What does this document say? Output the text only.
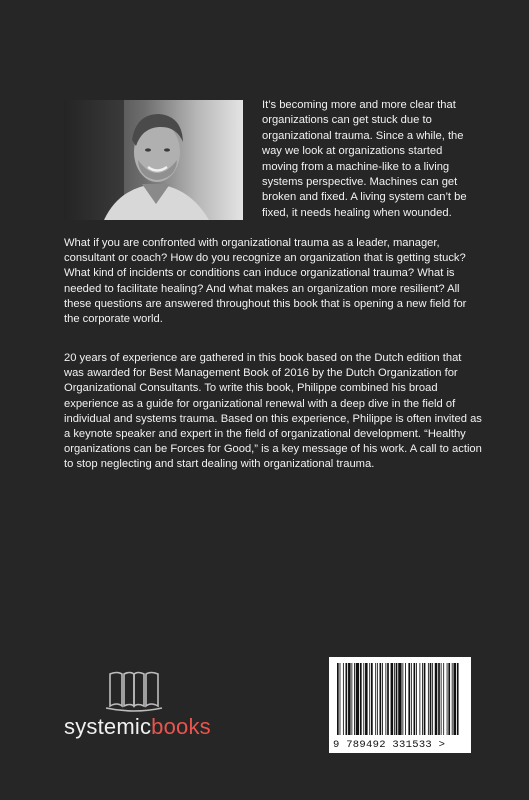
It’s becoming more and more clear that organizations can get stuck due to organizational trauma. Since a while, the way we look at organizations started moving from a machine-like to a living systems perspective. Machines can get broken and fixed. A living system can’t be fixed, it needs healing when wounded.

What if you are confronted with organizational trauma as a leader, manager, consultant or coach? How do you recognize an organization that is getting stuck? What kind of incidents or conditions can induce organizational trauma? What is needed to facilitate healing? And what makes an organization more resilient? All these questions are answered throughout this book that is opening a new field for the corporate world.

20 years of experience are gathered in this book based on the Dutch edition that was awarded for Best Management Book of 2016 by the Dutch Organization for Organizational Consultants. To write this book, Philippe combined his broad experience as a guide for organizational renewal with a deep dive in the field of individual and systems trauma. Based on this experience, Philippe is often invited as a keynote speaker and expert in the field of organizational development. “Healthy organizations can be Forces for Good,” is a key message of his work. A call to action to stop neglecting and start dealing with organizational trauma.

systemicbooks
9 789492 331533 >
